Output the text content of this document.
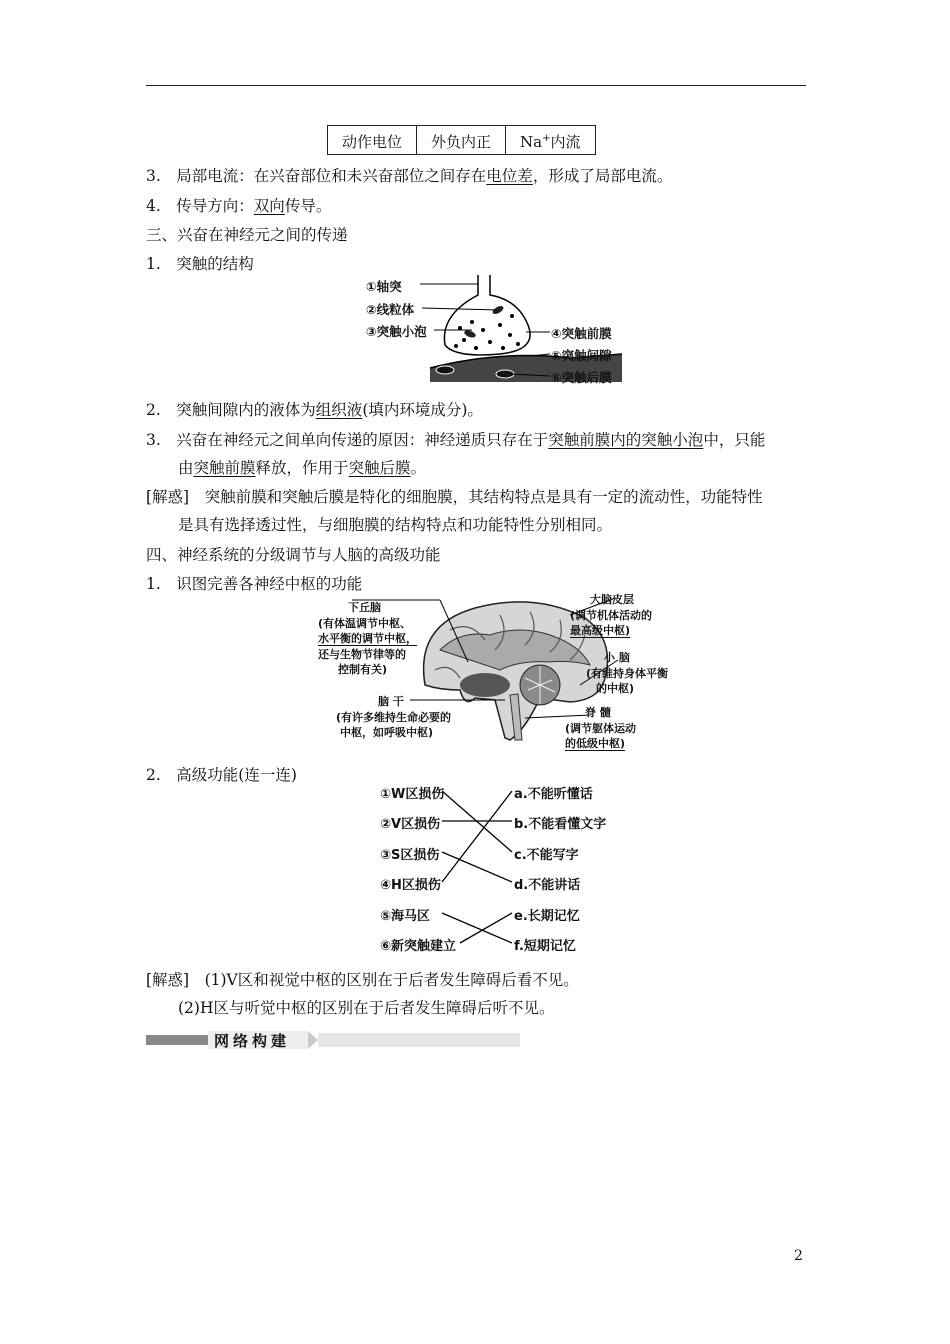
动作电位	外负内正	Na+内流
3.　局部电流：在兴奋部位和未兴奋部位之间存在电位差，形成了局部电流。
4.　传导方向：双向传导。
三、兴奋在神经元之间的传递
1.　突触的结构
①轴突
②线粒体
③突触小泡	④突触前膜
⑤突触间隙
⑥突触后膜
2.　突触间隙内的液体为组织液(填内环境成分)。
3.　兴奋在神经元之间单向传递的原因：神经递质只存在于突触前膜内的突触小泡中，只能
由突触前膜释放，作用于突触后膜。
[解惑]　突触前膜和突触后膜是特化的细胞膜，其结构特点是具有一定的流动性，功能特性
是具有选择透过性，与细胞膜的结构特点和功能特性分别相同。
四、神经系统的分级调节与人脑的高级功能
1.　识图完善各神经中枢的功能
下丘脑
(有体温调节中枢、
水平衡的调节中枢，
还与生物节律等的
控制有关)
大脑皮层
(调节机体活动的
最高级中枢)
小 脑
(有维持身体平衡
的中枢)
脑 干
(有许多维持生命必要的
中枢，如呼吸中枢)
脊 髓
(调节躯体运动
的低级中枢)
2.　高级功能(连一连)
①W区损伤
②V区损伤
③S区损伤
④H区损伤
⑤海马区
⑥新突触建立
a.不能听懂话
b.不能看懂文字
c.不能写字
d.不能讲话
e.长期记忆
f.短期记忆
[解惑]　(1)V区和视觉中枢的区别在于后者发生障碍后看不见。
(2)H区与听觉中枢的区别在于后者发生障碍后听不见。
网络构建
2
